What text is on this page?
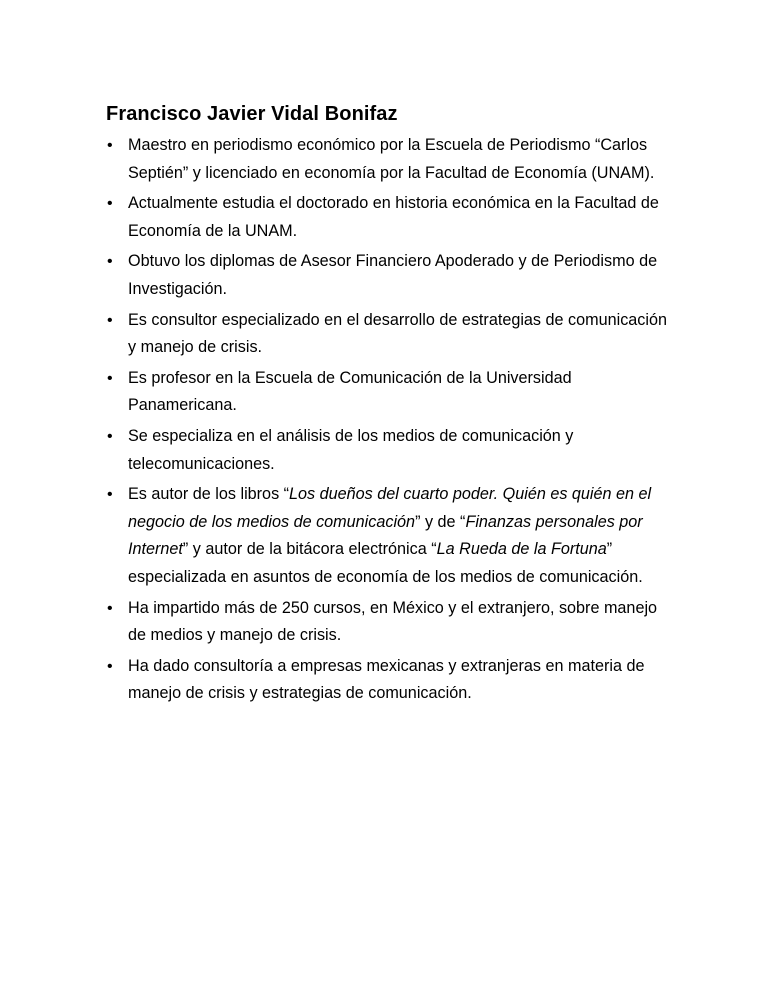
Francisco Javier Vidal Bonifaz
• Maestro en periodismo económico por la Escuela de Periodismo “Carlos Septién” y licenciado en economía por la Facultad de Economía (UNAM).
• Actualmente estudia el doctorado en historia económica en la Facultad de Economía de la UNAM.
• Obtuvo los diplomas de Asesor Financiero Apoderado y de Periodismo de Investigación.
• Es consultor especializado en el desarrollo de estrategias de comunicación y manejo de crisis.
• Es profesor en la Escuela de Comunicación de la Universidad Panamericana.
• Se especializa en el análisis de los medios de comunicación y telecomunicaciones.
• Es autor de los libros “Los dueños del cuarto poder. Quién es quién en el negocio de los medios de comunicación” y de “Finanzas personales por Internet” y autor de la bitácora electrónica “La Rueda de la Fortuna” especializada en asuntos de economía de los medios de comunicación.
• Ha impartido más de 250 cursos, en México y el extranjero, sobre manejo de medios y manejo de crisis.
• Ha dado consultoría a empresas mexicanas y extranjeras en materia de manejo de crisis y estrategias de comunicación.
